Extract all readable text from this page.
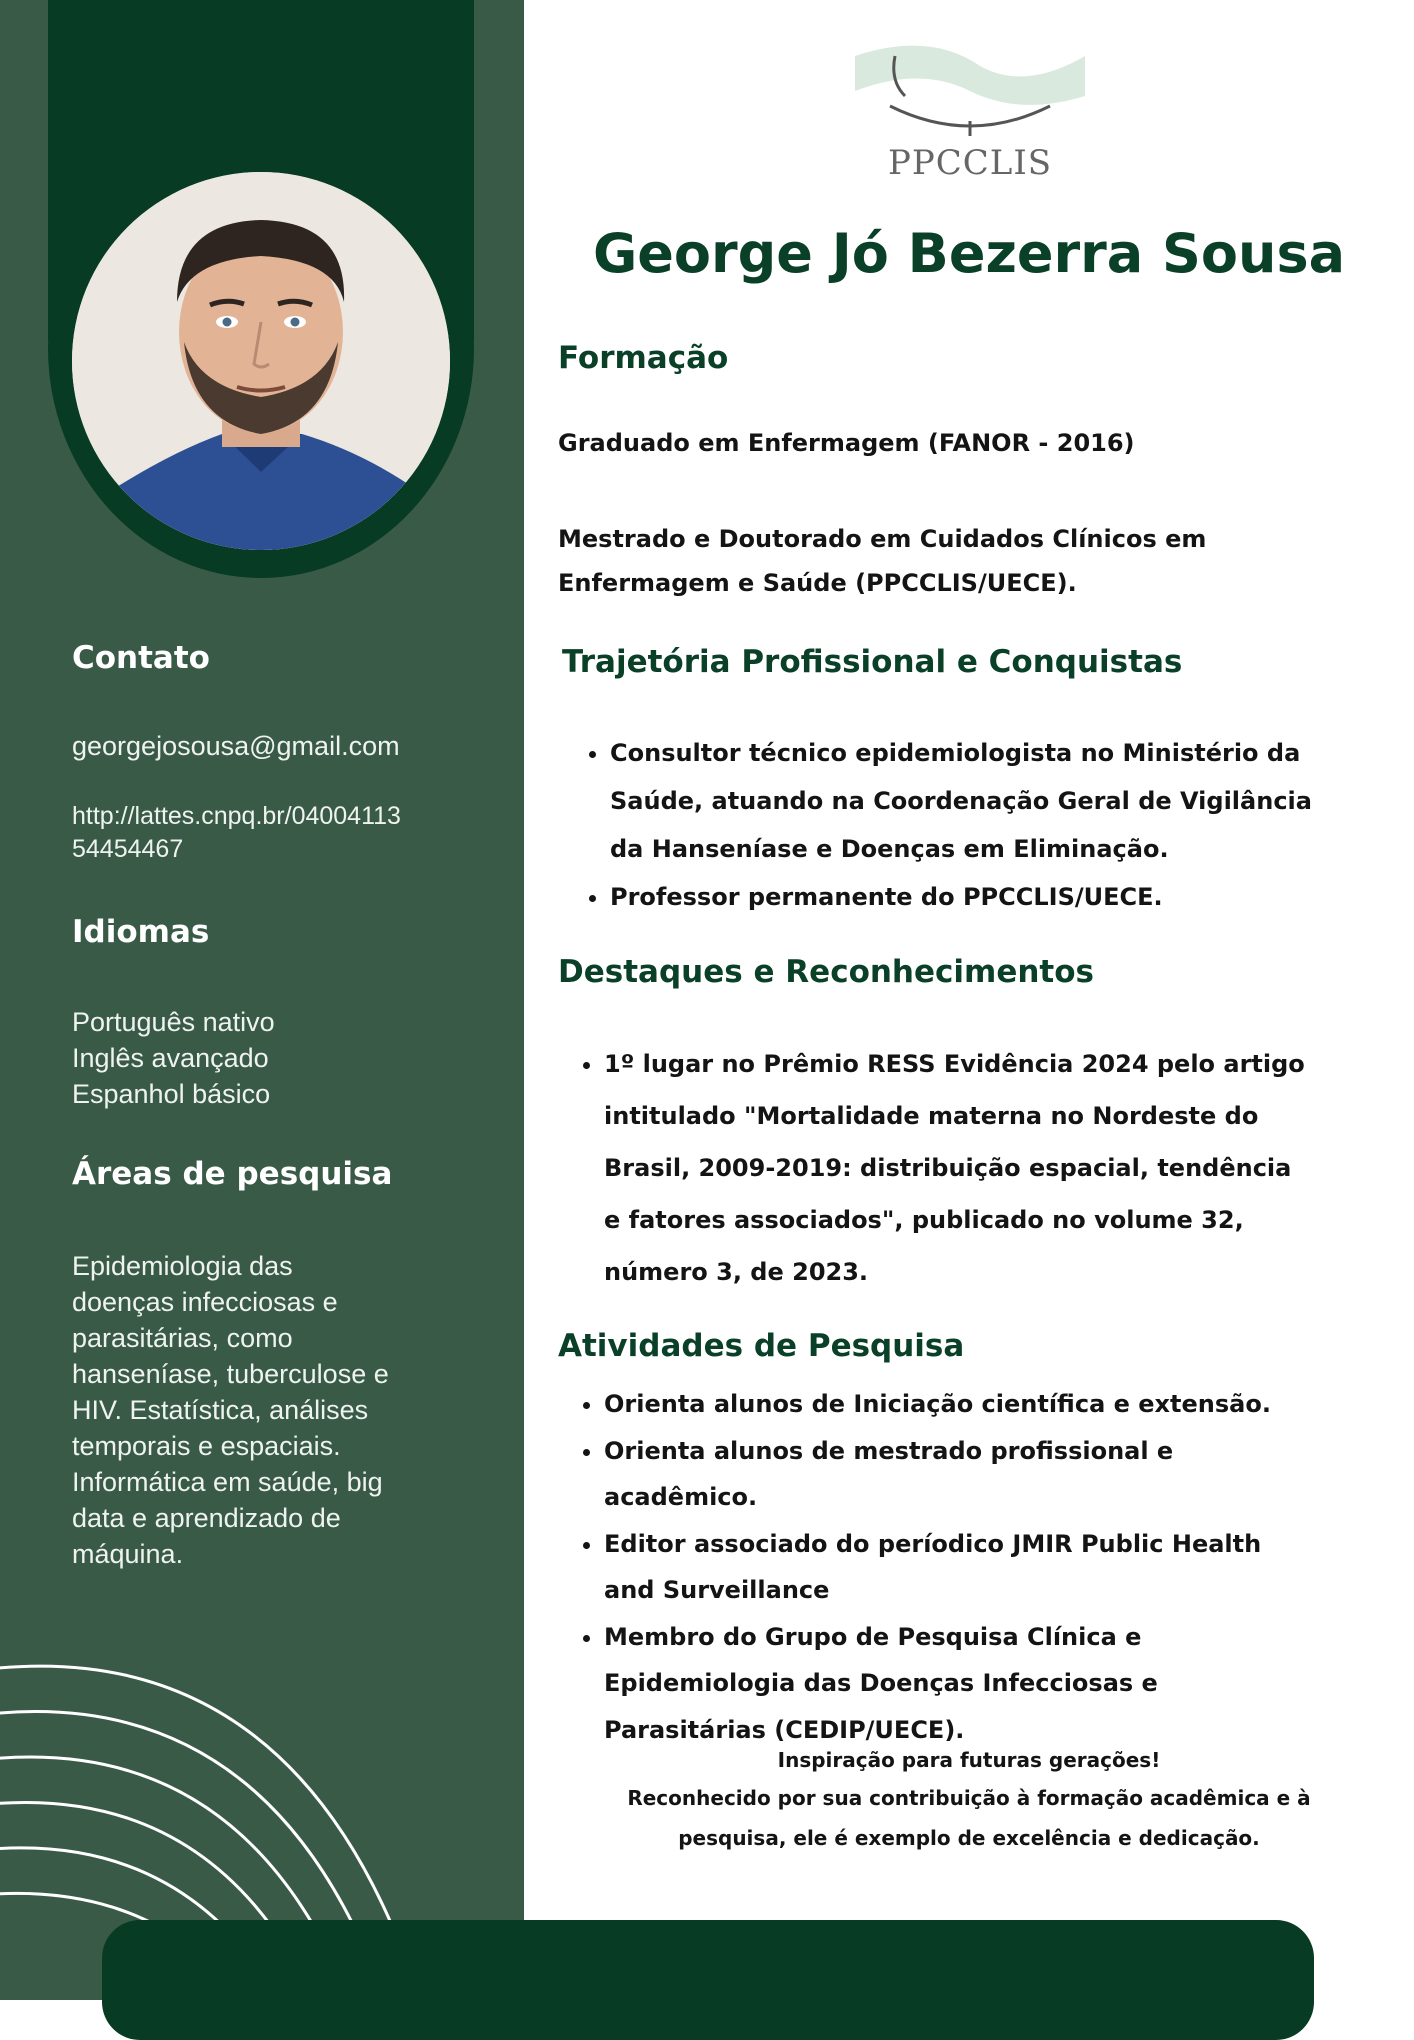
Contato

georgejosousa@gmail.com

http://lattes.cnpq.br/04004113

54454467

Idiomas

Português nativo

Inglês avançado

Espanhol básico

Áreas de pesquisa

Epidemiologia das

doenças infecciosas e

parasitárias, como

hanseníase, tuberculose e

HIV. Estatística, análises

temporais e espaciais.

Informática em saúde, big

data e aprendizado de

máquina.

PPCCLIS
George Jó Bezerra Sousa
Formação

Graduado em Enfermagem (FANOR - 2016)

Mestrado e Doutorado em Cuidados Clínicos em
Enfermagem e Saúde (PPCCLIS/UECE).

Trajetória Profissional e Conquistas
• Consultor técnico epidemiologista no Ministério da
Saúde, atuando na Coordenação Geral de Vigilância
da Hanseníase e Doenças em Eliminação.
• Professor permanente do PPCCLIS/UECE.
Destaques e Reconhecimentos
• 1º lugar no Prêmio RESS Evidência 2024 pelo artigo
intitulado "Mortalidade materna no Nordeste do
Brasil, 2009-2019: distribuição espacial, tendência
e fatores associados", publicado no volume 32,
número 3, de 2023.
Atividades de Pesquisa
• Orienta alunos de Iniciação científica e extensão.
• Orienta alunos de mestrado profissional e
acadêmico.
• Editor associado do períodico JMIR Public Health
and Surveillance
• Membro do Grupo de Pesquisa Clínica e
Epidemiologia das Doenças Infecciosas e
Parasitárias (CEDIP/UECE).

Inspiração para futuras gerações!

Reconhecido por sua contribuição à formação acadêmica e à

pesquisa, ele é exemplo de excelência e dedicação.
